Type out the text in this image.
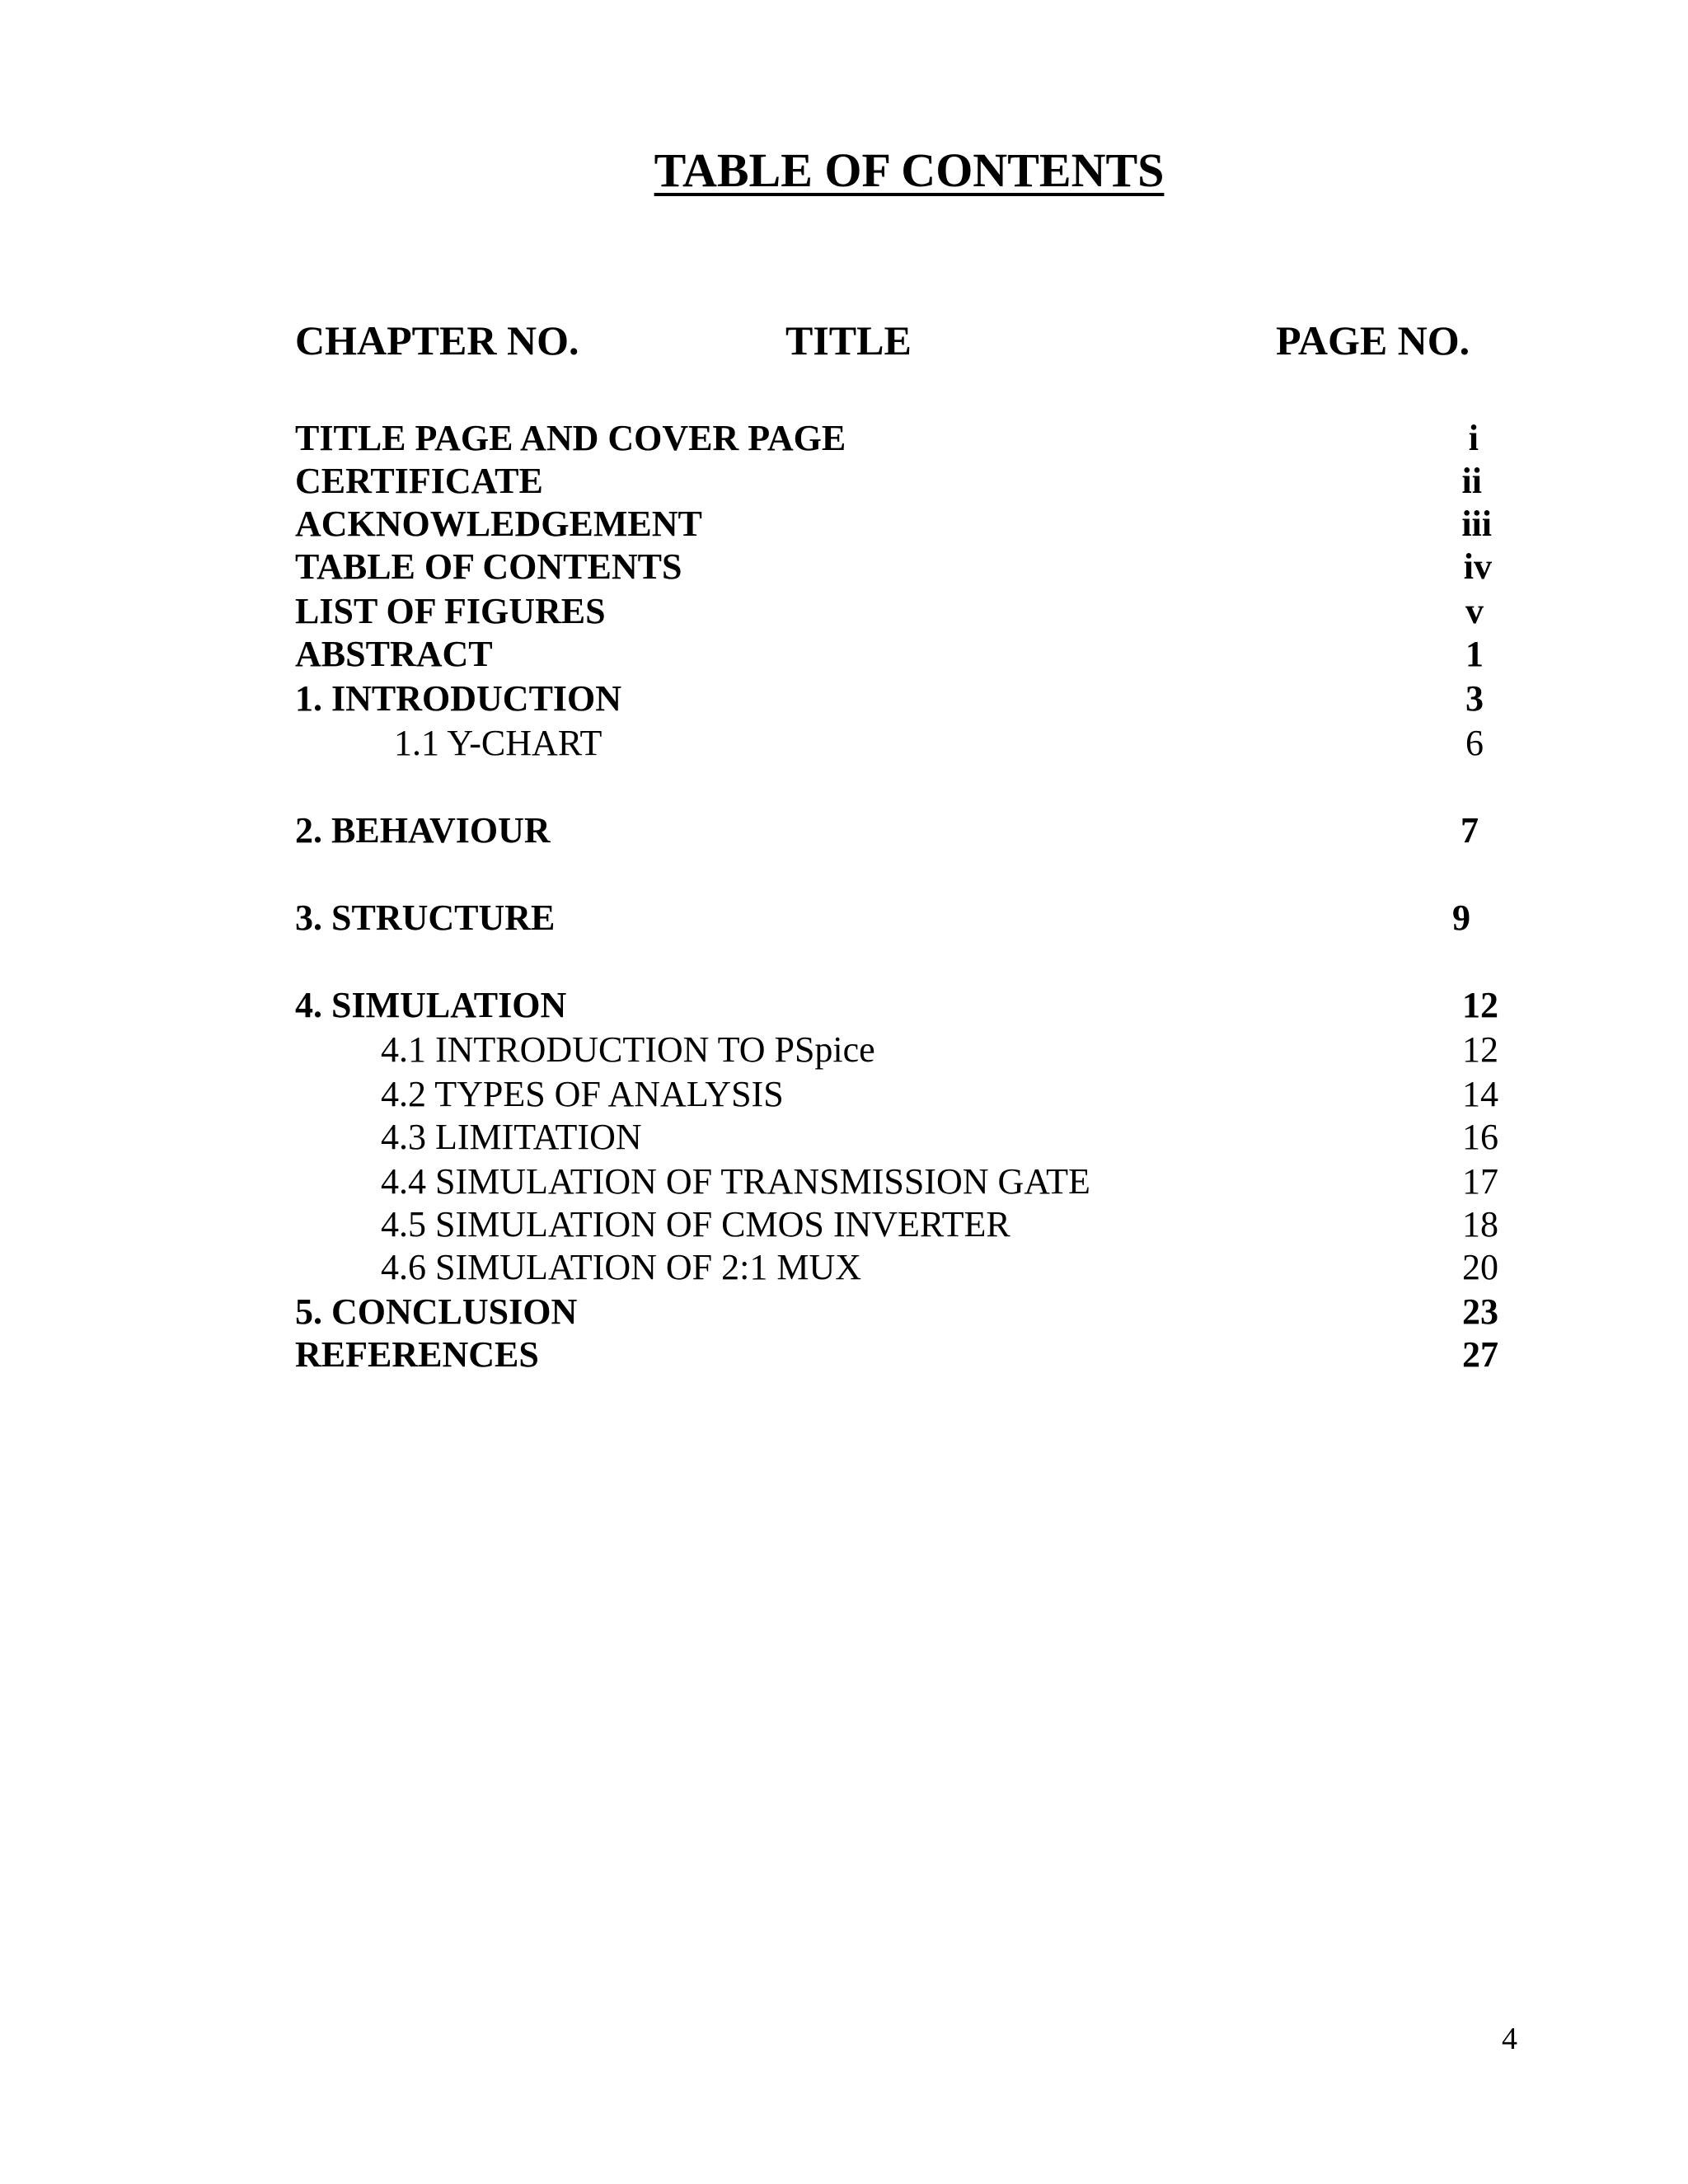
TABLE OF CONTENTS
CHAPTER NO.	TITLE	PAGE NO.
TITLE PAGE AND COVER PAGE	i
CERTIFICATE	ii
ACKNOWLEDGEMENT	iii
TABLE OF CONTENTS	iv
LIST OF FIGURES	v
ABSTRACT	1
1. INTRODUCTION	3
1.1 Y-CHART	6
2. BEHAVIOUR	7
3. STRUCTURE	9
4. SIMULATION	12
4.1 INTRODUCTION TO PSpice	12
4.2 TYPES OF ANALYSIS	14
4.3 LIMITATION	16
4.4 SIMULATION OF TRANSMISSION GATE	17
4.5 SIMULATION OF CMOS INVERTER	18
4.6 SIMULATION OF 2:1 MUX	20
5. CONCLUSION	23
REFERENCES	27
4
